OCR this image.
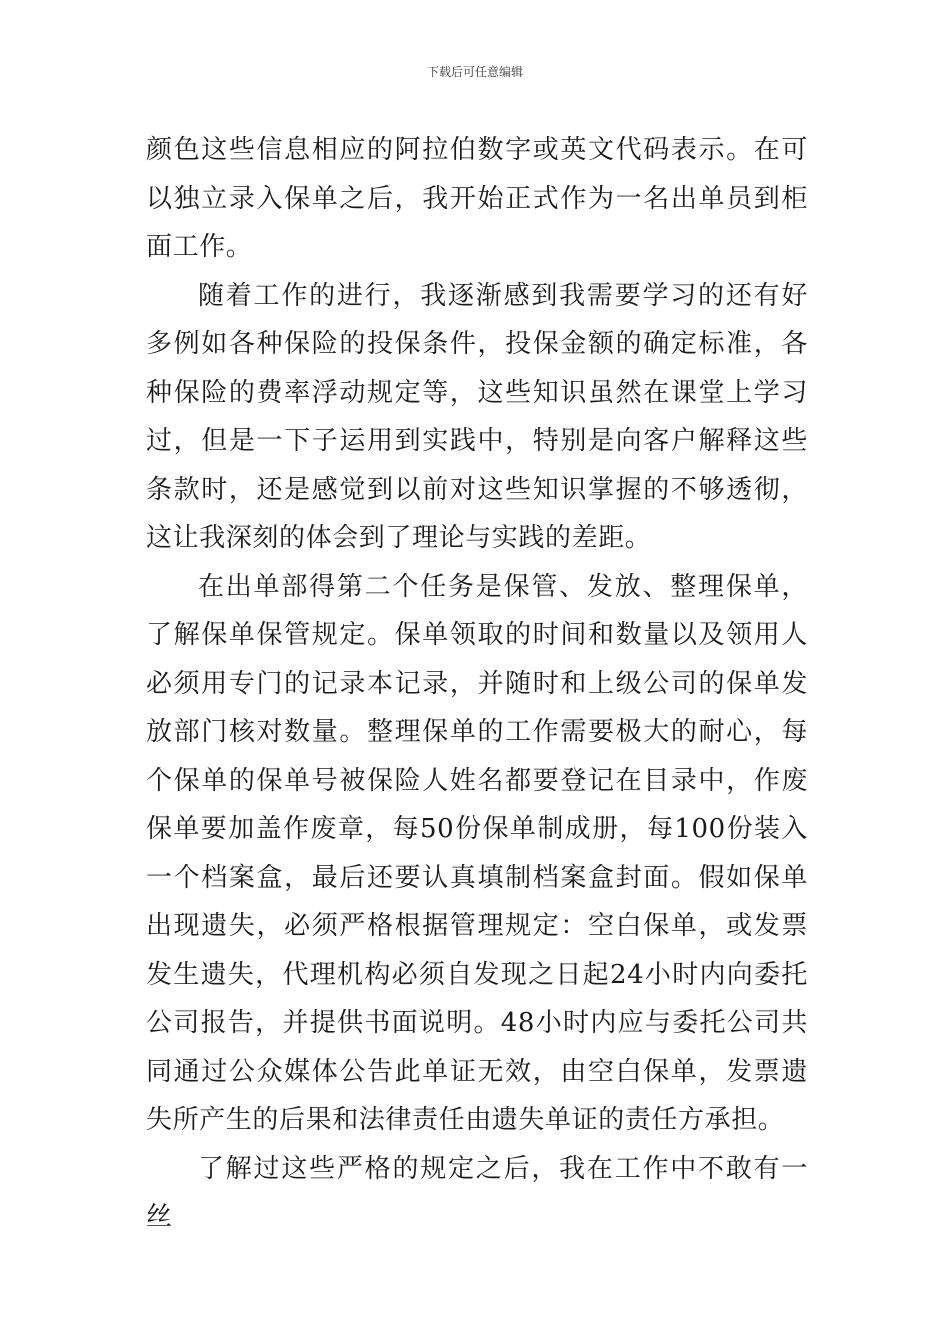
下载后可任意编辑

颜色这些信息相应的阿拉伯数字或英文代码表示。在可以独立录入保单之后，我开始正式作为一名出单员到柜面工作。

随着工作的进行，我逐渐感到我需要学习的还有好多例如各种保险的投保条件，投保金额的确定标准，各种保险的费率浮动规定等，这些知识虽然在课堂上学习过，但是一下子运用到实践中，特别是向客户解释这些条款时，还是感觉到以前对这些知识掌握的不够透彻，这让我深刻的体会到了理论与实践的差距。

在出单部得第二个任务是保管、发放、整理保单，了解保单保管规定。保单领取的时间和数量以及领用人必须用专门的记录本记录，并随时和上级公司的保单发放部门核对数量。整理保单的工作需要极大的耐心，每个保单的保单号被保险人姓名都要登记在目录中，作废保单要加盖作废章，每50份保单制成册，每100份装入一个档案盒，最后还要认真填制档案盒封面。假如保单出现遗失，必须严格根据管理规定：空白保单，或发票发生遗失，代理机构必须自发现之日起24小时内向委托公司报告，并提供书面说明。48小时内应与委托公司共同通过公众媒体公告此单证无效，由空白保单，发票遗失所产生的后果和法律责任由遗失单证的责任方承担。

了解过这些严格的规定之后，我在工作中不敢有一丝
